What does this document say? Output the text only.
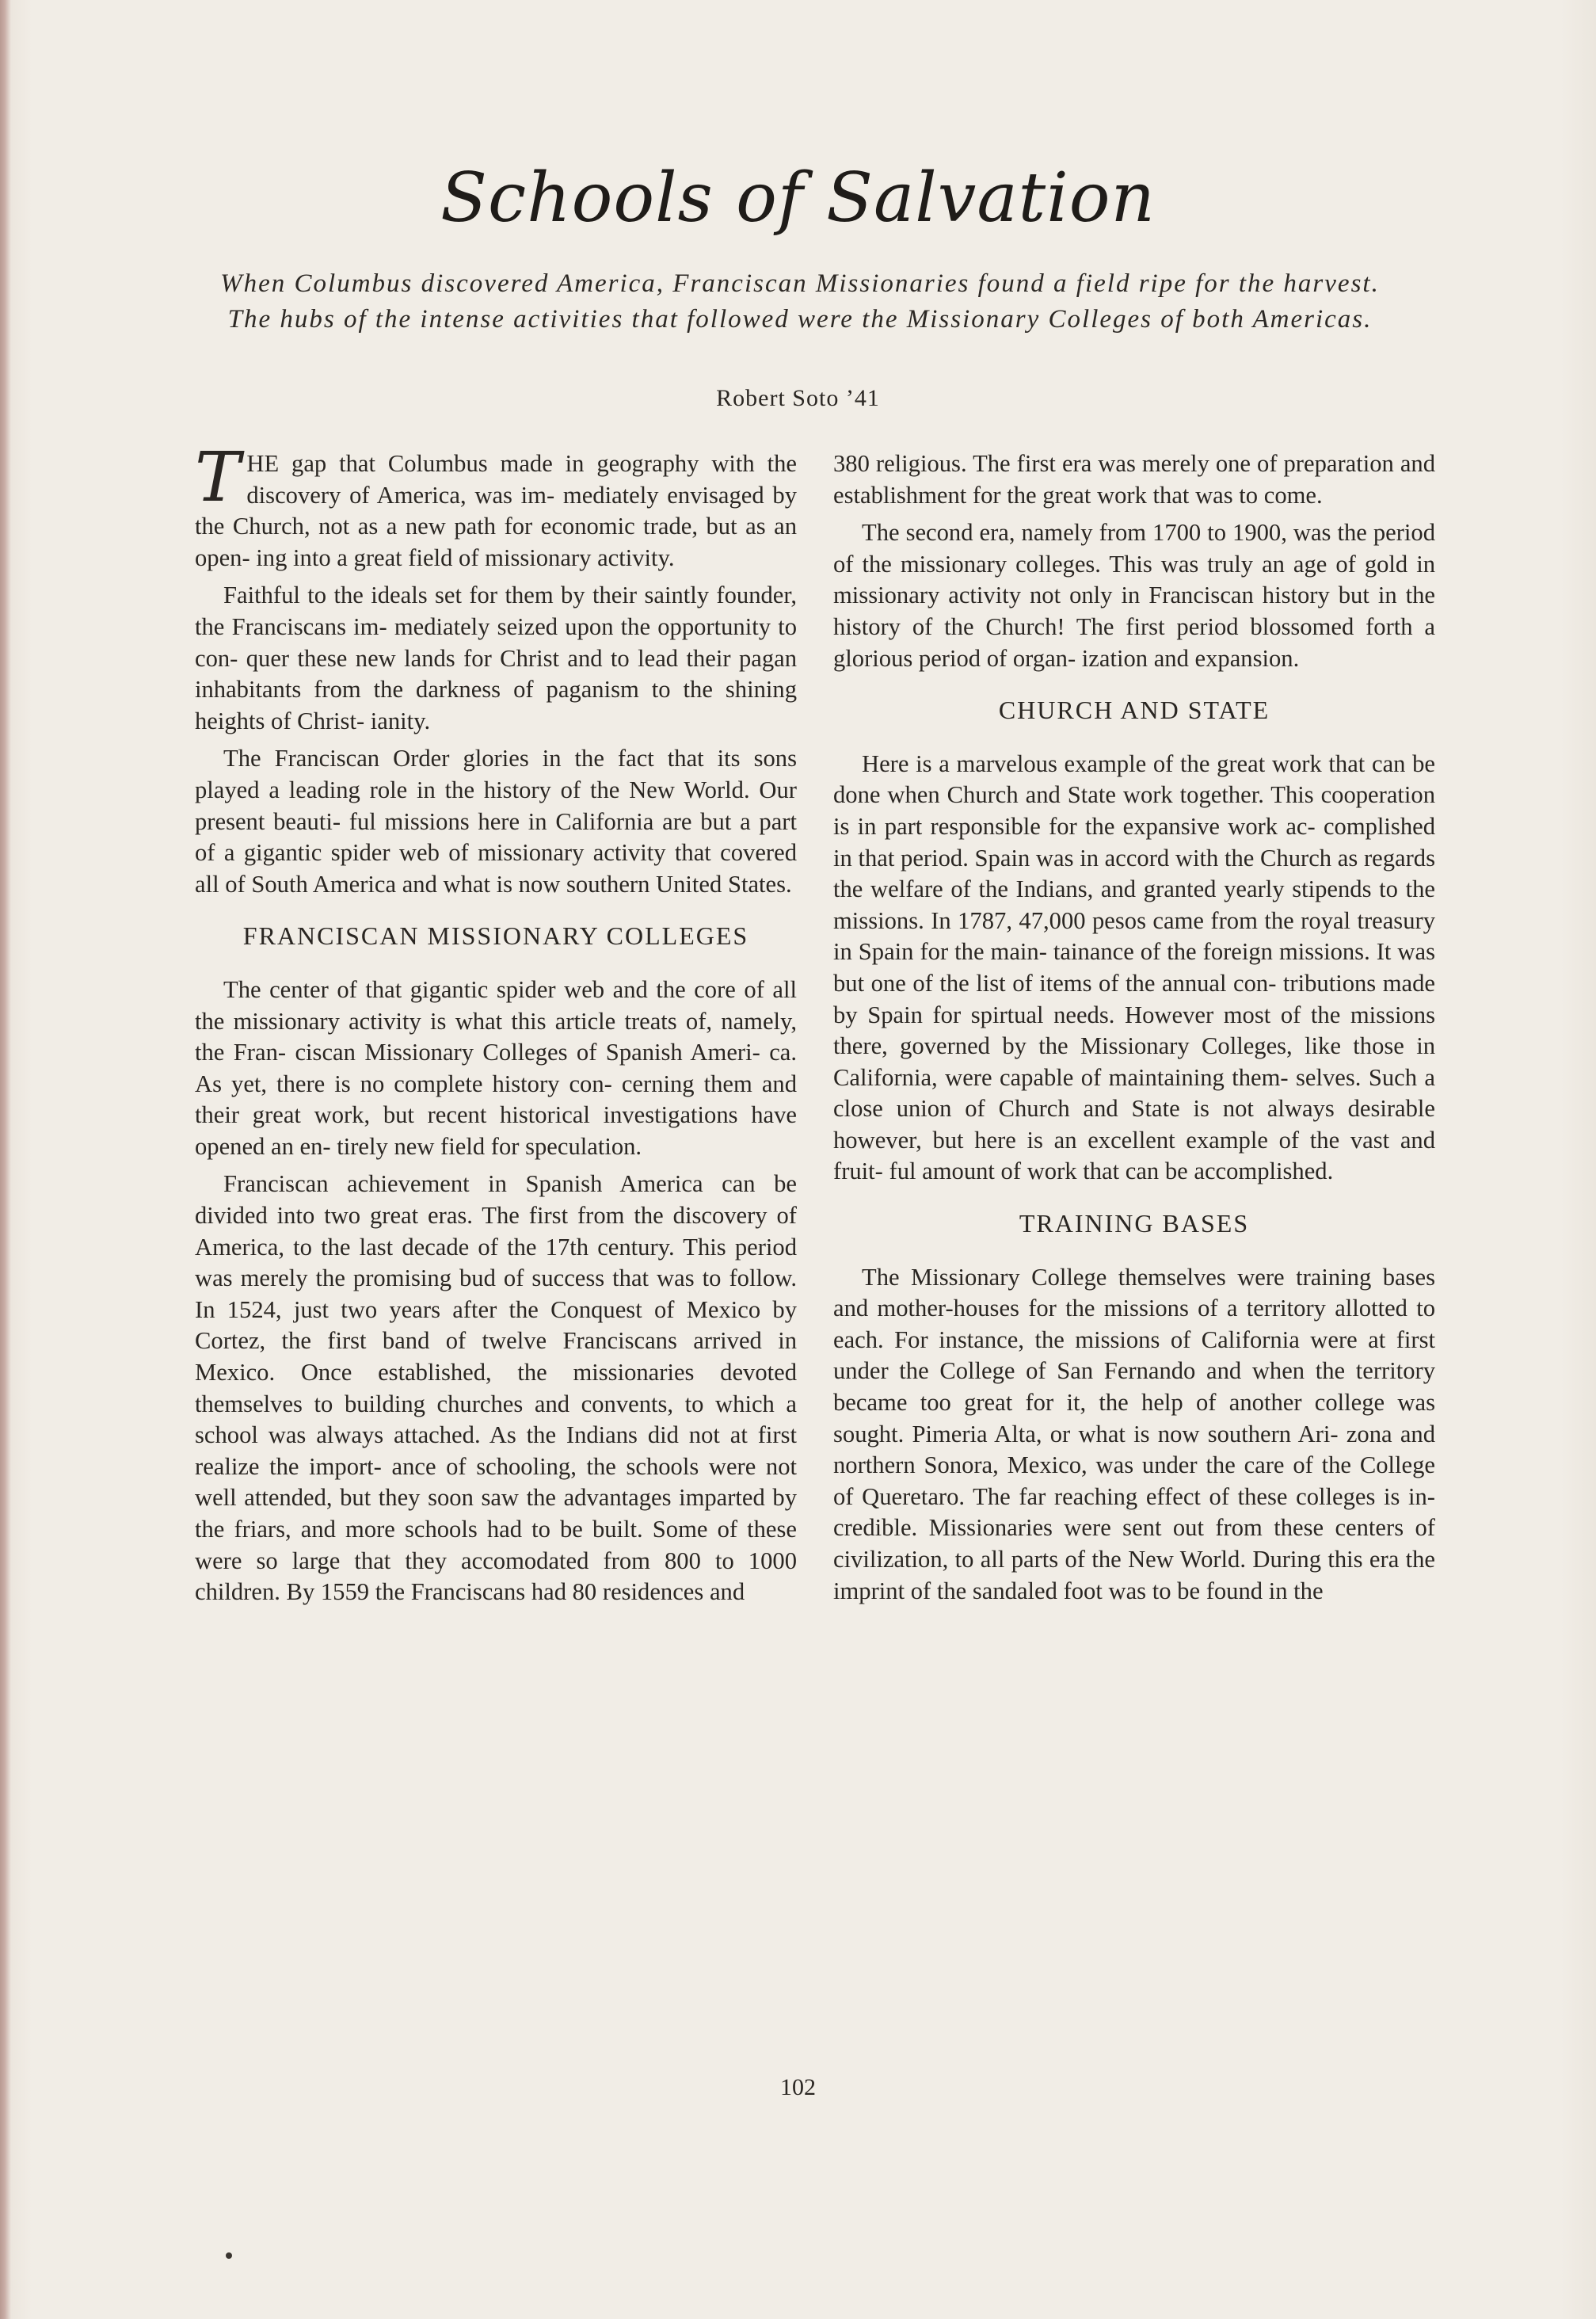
Schools of Salvation
When Columbus discovered America, Franciscan Missionaries found a field ripe for the harvest. The hubs of the intense activities that followed were the Missionary Colleges of both Americas.
Robert Soto ’41

THE gap that Columbus made in geography with the discovery of America, was im- mediately envisaged by the Church, not as a new path for economic trade, but as an open- ing into a great field of missionary activity.

Faithful to the ideals set for them by their saintly founder, the Franciscans im- mediately seized upon the opportunity to con- quer these new lands for Christ and to lead their pagan inhabitants from the darkness of paganism to the shining heights of Christ- ianity.

The Franciscan Order glories in the fact that its sons played a leading role in the history of the New World. Our present beauti- ful missions here in California are but a part of a gigantic spider web of missionary activity that covered all of South America and what is now southern United States.

FRANCISCAN MISSIONARY COLLEGES

The center of that gigantic spider web and the core of all the missionary activity is what this article treats of, namely, the Fran- ciscan Missionary Colleges of Spanish Ameri- ca. As yet, there is no complete history con- cerning them and their great work, but recent historical investigations have opened an en- tirely new field for speculation.

Franciscan achievement in Spanish America can be divided into two great eras. The first from the discovery of America, to the last decade of the 17th century. This period was merely the promising bud of success that was to follow. In 1524, just two years after the Conquest of Mexico by Cortez, the first band of twelve Franciscans arrived in Mexico. Once established, the missionaries devoted themselves to building churches and convents, to which a school was always attached. As the Indians did not at first realize the import- ance of schooling, the schools were not well attended, but they soon saw the advantages imparted by the friars, and more schools had to be built. Some of these were so large that they accomodated from 800 to 1000 children. By 1559 the Franciscans had 80 residences and

380 religious. The first era was merely one of preparation and establishment for the great work that was to come.

The second era, namely from 1700 to 1900, was the period of the missionary colleges. This was truly an age of gold in missionary activity not only in Franciscan history but in the history of the Church! The first period blossomed forth a glorious period of organ- ization and expansion.

CHURCH AND STATE

Here is a marvelous example of the great work that can be done when Church and State work together. This cooperation is in part responsible for the expansive work ac- complished in that period. Spain was in accord with the Church as regards the welfare of the Indians, and granted yearly stipends to the missions. In 1787, 47,000 pesos came from the royal treasury in Spain for the main- tainance of the foreign missions. It was but one of the list of items of the annual con- tributions made by Spain for spirtual needs. However most of the missions there, governed by the Missionary Colleges, like those in California, were capable of maintaining them- selves. Such a close union of Church and State is not always desirable however, but here is an excellent example of the vast and fruit- ful amount of work that can be accomplished.

TRAINING BASES

The Missionary College themselves were training bases and mother-houses for the missions of a territory allotted to each. For instance, the missions of California were at first under the College of San Fernando and when the territory became too great for it, the help of another college was sought. Pimeria Alta, or what is now southern Ari- zona and northern Sonora, Mexico, was under the care of the College of Queretaro. The far reaching effect of these colleges is in- credible. Missionaries were sent out from these centers of civilization, to all parts of the New World. During this era the imprint of the sandaled foot was to be found in the

102
